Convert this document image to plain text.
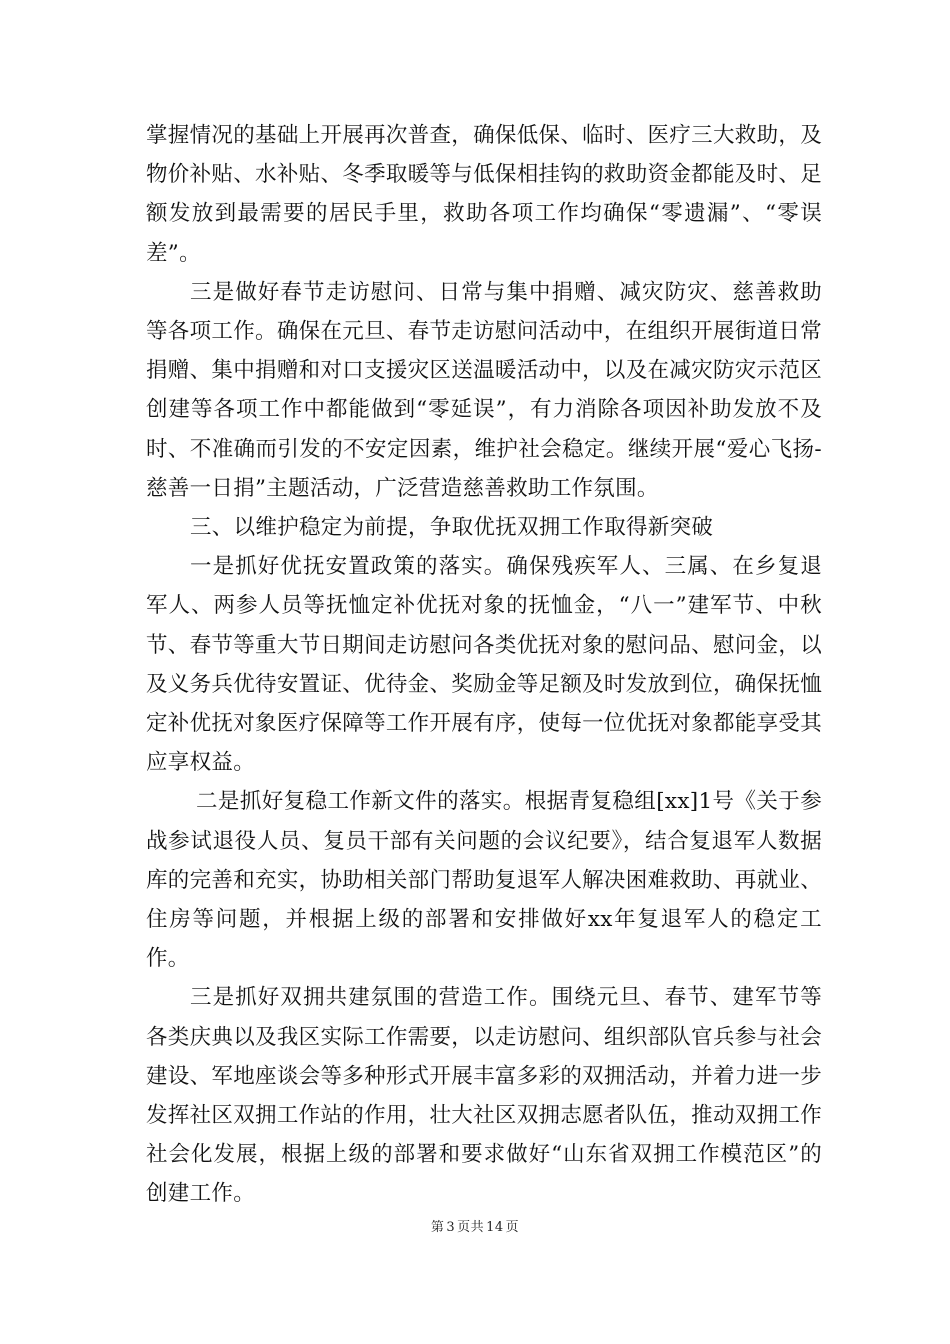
掌握情况的基础上开展再次普查，确保低保、临时、医疗三大救助，及物价补贴、水补贴、冬季取暖等与低保相挂钩的救助资金都能及时、足额发放到最需要的居民手里，救助各项工作均确保“零遗漏”、“零误差”。

三是做好春节走访慰问、日常与集中捐赠、减灾防灾、慈善救助等各项工作。确保在元旦、春节走访慰问活动中，在组织开展街道日常捐赠、集中捐赠和对口支援灾区送温暖活动中，以及在减灾防灾示范区创建等各项工作中都能做到“零延误”，有力消除各项因补助发放不及时、不准确而引发的不安定因素，维护社会稳定。继续开展“爱心飞扬-慈善一日捐”主题活动，广泛营造慈善救助工作氛围。

三、以维护稳定为前提，争取优抚双拥工作取得新突破

一是抓好优抚安置政策的落实。确保残疾军人、三属、在乡复退军人、两参人员等抚恤定补优抚对象的抚恤金，“八一”建军节、中秋节、春节等重大节日期间走访慰问各类优抚对象的慰问品、慰问金，以及义务兵优待安置证、优待金、奖励金等足额及时发放到位，确保抚恤定补优抚对象医疗保障等工作开展有序，使每一位优抚对象都能享受其应享权益。

二是抓好复稳工作新文件的落实。根据青复稳组[xx]1号《关于参战参试退役人员、复员干部有关问题的会议纪要》，结合复退军人数据库的完善和充实，协助相关部门帮助复退军人解决困难救助、再就业、住房等问题，并根据上级的部署和安排做好xx年复退军人的稳定工作。

三是抓好双拥共建氛围的营造工作。围绕元旦、春节、建军节等各类庆典以及我区实际工作需要，以走访慰问、组织部队官兵参与社会建设、军地座谈会等多种形式开展丰富多彩的双拥活动，并着力进一步发挥社区双拥工作站的作用，壮大社区双拥志愿者队伍，推动双拥工作社会化发展，根据上级的部署和要求做好“山东省双拥工作模范区”的创建工作。

第 3 页共 14 页
